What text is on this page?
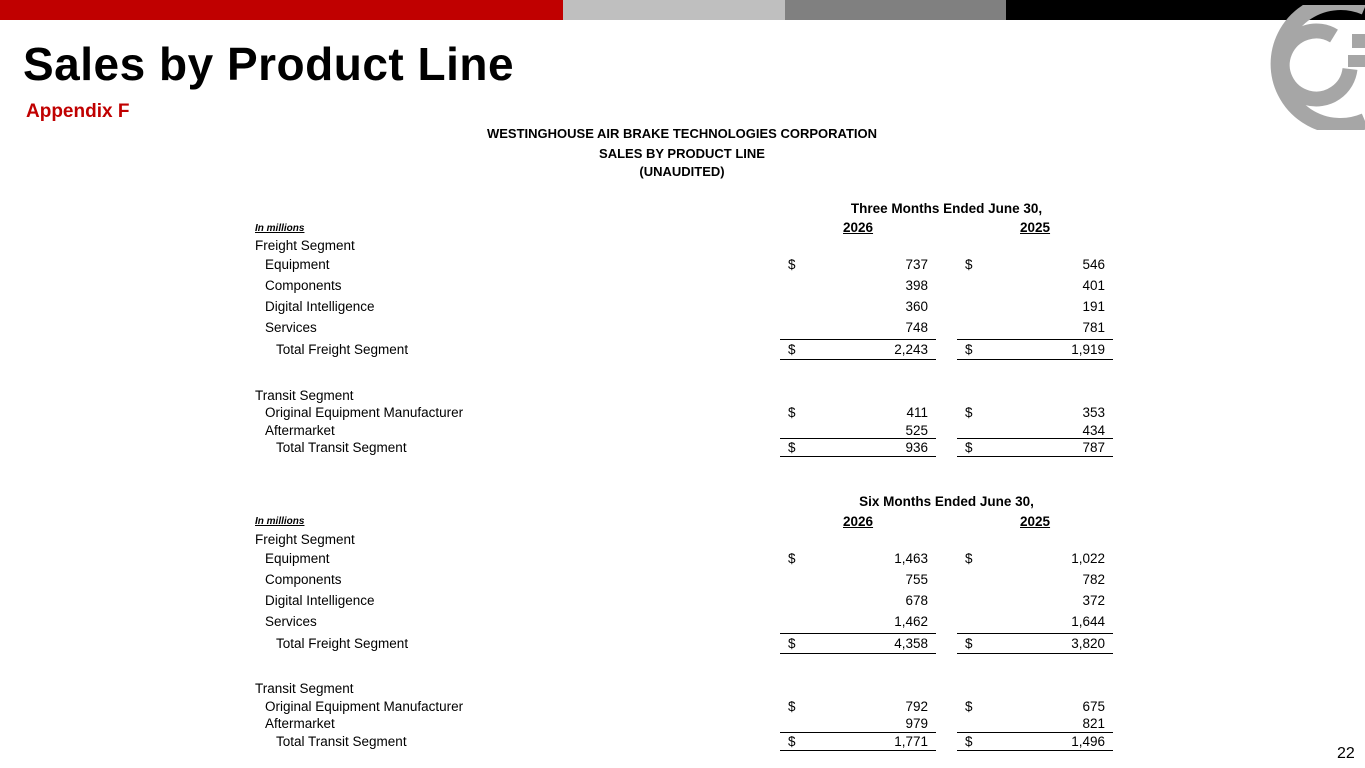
Sales by Product Line
Appendix F
WESTINGHOUSE AIR BRAKE TECHNOLOGIES CORPORATION
SALES BY PRODUCT LINE
(UNAUDITED)
Three Months Ended June 30,
In millions	2026	2025
Freight Segment
Equipment	$	737	$	546
Components	398	401
Digital Intelligence	360	191
Services	748	781
Total Freight Segment	$	2,243	$	1,919
Transit Segment
Original Equipment Manufacturer	$	411	$	353
Aftermarket	525	434
Total Transit Segment	$	936	$	787
Six Months Ended June 30,
In millions	2026	2025
Freight Segment
Equipment	$	1,463	$	1,022
Components	755	782
Digital Intelligence	678	372
Services	1,462	1,644
Total Freight Segment	$	4,358	$	3,820
Transit Segment
Original Equipment Manufacturer	$	792	$	675
Aftermarket	979	821
Total Transit Segment	$	1,771	$	1,496
22
